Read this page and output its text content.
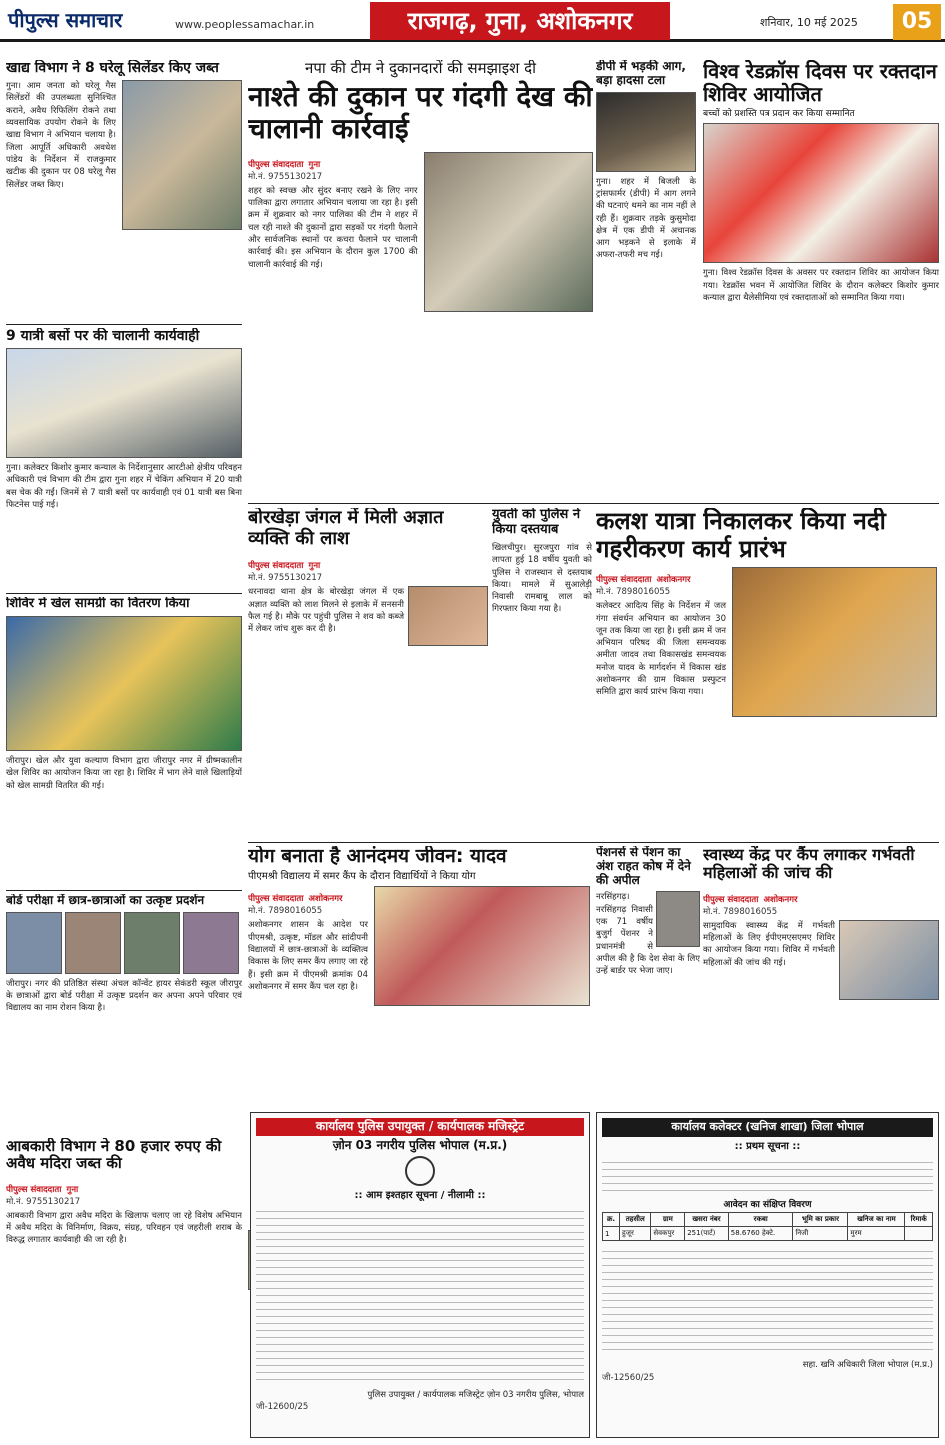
पीपुल्स समाचार	www.peoplessamachar.in	राजगढ़, गुना, अशोकनगर	शनिवार, 10 मई 2025	05
खाद्य विभाग ने 8 घरेलू सिलेंडर किए जब्त
गुना। आम जनता को घरेलू गैस सिलेंडरों की उपलब्धता सुनिश्चित कराने, अवैध रिफिलिंग रोकने तथा व्यवसायिक उपयोग रोकने के लिए खाद्य विभाग ने अभियान चलाया है। जिला आपूर्ति अधिकारी अवधेश पांडेय के निर्देशन में राजकुमार खटीक की दुकान पर 08 घरेलू गैस सिलेंडर जब्त किए।
9 यात्री बसों पर की चालानी कार्यवाही
गुना। कलेक्टर किशोर कुमार कन्याल के निर्देशानुसार आरटीओ क्षेत्रीय परिवहन अधिकारी एवं विभाग की टीम द्वारा गुना शहर में चेकिंग अभियान में 20 यात्री बस चेक की गईं। जिनमें से 7 यात्री बसों पर कार्यवाही एवं 01 यात्री बस बिना फिटनेस पाई गई।
शिविर में खेल सामग्री का वितरण किया
जीरापुर। खेल और युवा कल्याण विभाग द्वारा जीरापुर नगर में ग्रीष्मकालीन खेल शिविर का आयोजन किया जा रहा है। शिविर में भाग लेने वाले खिलाड़ियों को खेल सामग्री वितरित की गई।
बोर्ड परीक्षा में छात्र-छात्राओं का उत्कृष्ट प्रदर्शन
जीरापुर। नगर की प्रतिष्ठित संस्था अंचल कॉन्वेंट हायर सेकंडरी स्कूल जीरापुर के छात्राओं द्वारा बोर्ड परीक्षा में उत्कृष्ट प्रदर्शन कर अपना अपने परिवार एवं विद्यालय का नाम रोशन किया है।
आबकारी विभाग ने 80 हजार रुपए की अवैध मदिरा जब्त की
पीपुल्स संवाददाता गुना
मो.नं. 9755130217
आबकारी विभाग द्वारा अवैध मदिरा के खिलाफ चलाए जा रहे विशेष अभियान में अवैध मदिरा के विनिर्माण, विक्रय, संग्रह, परिवहन एवं जहरीली शराब के विरुद्ध लगातार कार्यवाही की जा रही है।
नपा की टीम ने दुकानदारों की समझाइश दी
नाश्ते की दुकान पर गंदगी देख की चालानी कार्रवाई
पीपुल्स संवाददाता गुना
मो.नं. 9755130217
शहर को स्वच्छ और सुंदर बनाए रखने के लिए नगर पालिका द्वारा लगातार अभियान चलाया जा रहा है। इसी क्रम में शुक्रवार को नगर पालिका की टीम ने शहर में चल रही नाश्ते की दुकानों द्वारा सड़कों पर गंदगी फैलाने और सार्वजनिक स्थानों पर कचरा फैलाने पर चालानी कार्रवाई की। इस अभियान के दौरान कुल 1700 की चालानी कार्रवाई की गई।
डीपी में भड़की आग, बड़ा हादसा टला
गुना। शहर में बिजली के ट्रांसफार्मर (डीपी) में आग लगने की घटनाएं थमने का नाम नहीं ले रही हैं। शुक्रवार तड़के कुसुमोदा क्षेत्र में एक डीपी में अचानक आग भड़कने से इलाके में अफरा-तफरी मच गई।
विश्व रेडक्रॉस दिवस पर रक्तदान शिविर आयोजित
बच्चों को प्रशस्ति पत्र प्रदान कर किया सम्मानित
गुना। विश्व रेडक्रॉस दिवस के अवसर पर रक्तदान शिविर का आयोजन किया गया। रेडक्रॉस भवन में आयोजित शिविर के दौरान कलेक्टर किशोर कुमार कन्याल द्वारा थैलेसीमिया एवं रक्तदाताओं को सम्मानित किया गया।
बोरखेड़ा जंगल में मिली अज्ञात व्यक्ति की लाश
पीपुल्स संवाददाता गुना
मो.नं. 9755130217
धरनावदा थाना क्षेत्र के बोरखेड़ा जंगल में एक अज्ञात व्यक्ति को लाश मिलने से इलाके में सनसनी फैल गई है। मौके पर पहुंची पुलिस ने शव को कब्जे में लेकर जांच शुरू कर दी है।
युवती को पुलिस ने किया दस्तयाब
खिलचीपुर। सुरजपुरा गांव से लापता हुई 18 वर्षीय युवती को पुलिस ने राजस्थान से दस्तयाब किया। मामले में सुआलेड़ी निवासी रामबाबू लाल को गिरफ्तार किया गया है।
कलश यात्रा निकालकर किया नदी गहरीकरण कार्य प्रारंभ
पीपुल्स संवाददाता अशोकनगर
मो.नं. 7898016055
कलेक्टर आदित्य सिंह के निर्देशन में जल गंगा संवर्धन अभियान का आयोजन 30 जून तक किया जा रहा है। इसी क्रम में जन अभियान परिषद की जिला समन्वयक अमीता जादव तथा विकासखंड समन्वयक मनोज यादव के मार्गदर्शन में विकास खंड अशोकनगर की ग्राम विकास प्रस्फुटन समिति द्वारा कार्य प्रारंभ किया गया।
योग बनाता है आनंदमय जीवन: यादव
पीएमश्री विद्यालय में समर कैंप के दौरान विद्यार्थियों ने किया योग
पीपुल्स संवाददाता अशोकनगर
मो.नं. 7898016055
अशोकनगर शासन के आदेश पर पीएमश्री, उत्कृष्ट, मॉडल और सांदीपनी विद्यालयों में छात्र-छात्राओं के व्यक्तित्व विकास के लिए समर कैंप लगाए जा रहे हैं। इसी क्रम में पीएमश्री क्रमांक 04 अशोकनगर में समर कैंप चल रहा है।
पेंशनर्स से पेंशन का अंश राहत कोष में देने की अपील
नरसिंहगढ़। नरसिंहगढ़ निवासी एक 71 वर्षीय बुजुर्ग पेंशनर ने प्रधानमंत्री से अपील की है कि देश सेवा के लिए उन्हें बार्डर पर भेजा जाए।
स्वास्थ्य केंद्र पर कैंप लगाकर गर्भवती महिलाओं की जांच की
पीपुल्स संवाददाता अशोकनगर
मो.नं. 7898016055
सामुदायिक स्वास्थ्य केंद्र में गर्भवती महिलाओं के लिए ईपीएमएसएमए शिविर का आयोजन किया गया। शिविर में गर्भवती महिलाओं की जांच की गई।
कार्यालय पुलिस उपायुक्त / कार्यपालक मजिस्ट्रेट
ज़ोन 03 नगरीय पुलिस भोपाल (म.प्र.)
:: आम इश्तहार सूचना / नीलामी ::
पुलिस उपायुक्त / कार्यपालक मजिस्ट्रेट ज़ोन 03 नगरीय पुलिस, भोपाल
जी-12600/25
कार्यालय कलेक्टर (खनिज शाखा) जिला भोपाल
:: प्रथम सूचना ::
आवेदन का संक्षिप्त विवरण
क्र.	तहसील	ग्राम	खसरा नंबर	रकबा	भूमि का प्रकार	खनिज का नाम	रिमार्क
1	हुजूर	सेवकपुर	251(पार्ट)	58.6760 हेक्टे.	निजी	मुरम	
सहा. खनि अधिकारी जिला भोपाल (म.प्र.)
जी-12560/25
